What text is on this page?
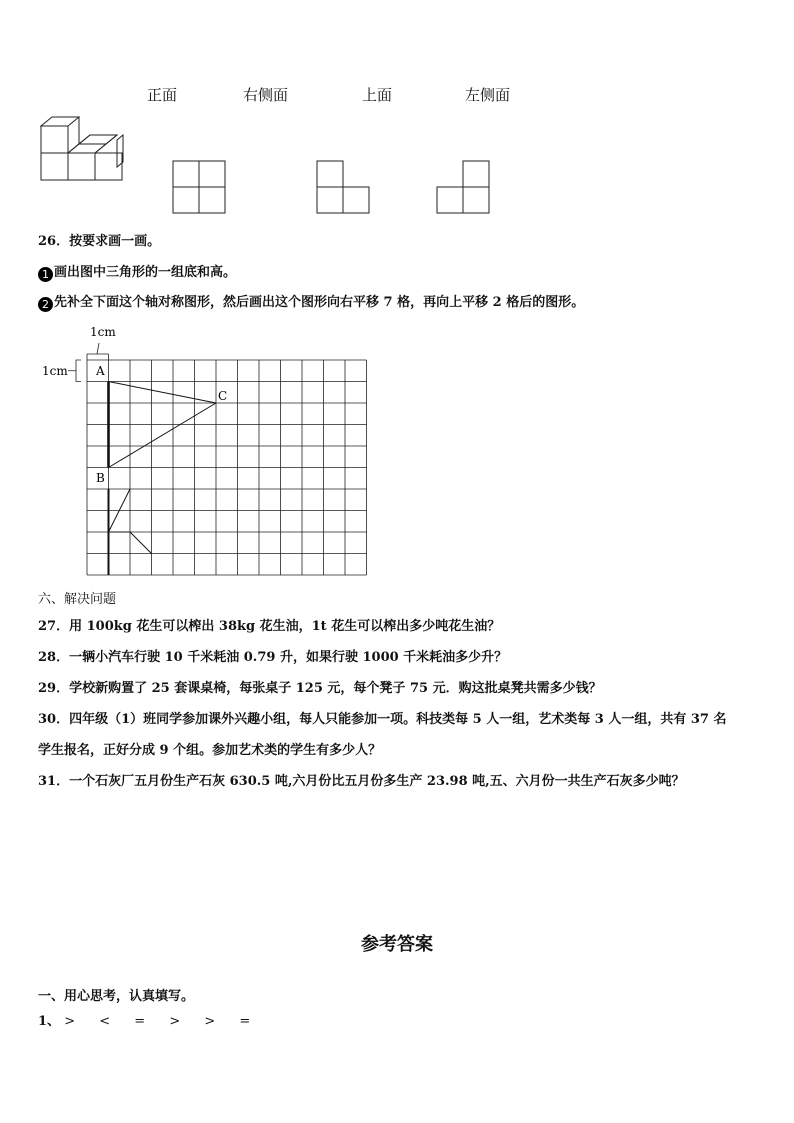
正面	右侧面	上面	左侧面
26．按要求画一画。
1 画出图中三角形的一组底和高。
2 先补全下面这个轴对称图形，然后画出这个图形向右平移 7 格，再向上平移 2 格后的图形。
1cm
1cm A
B
C
六、解决问题
27．用 100kg 花生可以榨出 38kg 花生油，1t 花生可以榨出多少吨花生油？
28．一辆小汽车行驶 10 千米耗油 0.79 升，如果行驶 1000 千米耗油多少升？
29．学校新购置了 25 套课桌椅，每张桌子 125 元，每个凳子 75 元．购这批桌凳共需多少钱？
30．四年级（1）班同学参加课外兴趣小组，每人只能参加一项。科技类每 5 人一组，艺术类每 3 人一组，共有 37 名
学生报名，正好分成 9 个组。参加艺术类的学生有多少人？
31．一个石灰厂五月份生产石灰 630.5 吨,六月份比五月份多生产 23.98 吨,五、六月份一共生产石灰多少吨？
参考答案
一、用心思考，认真填写。
1、 > < = > > =
